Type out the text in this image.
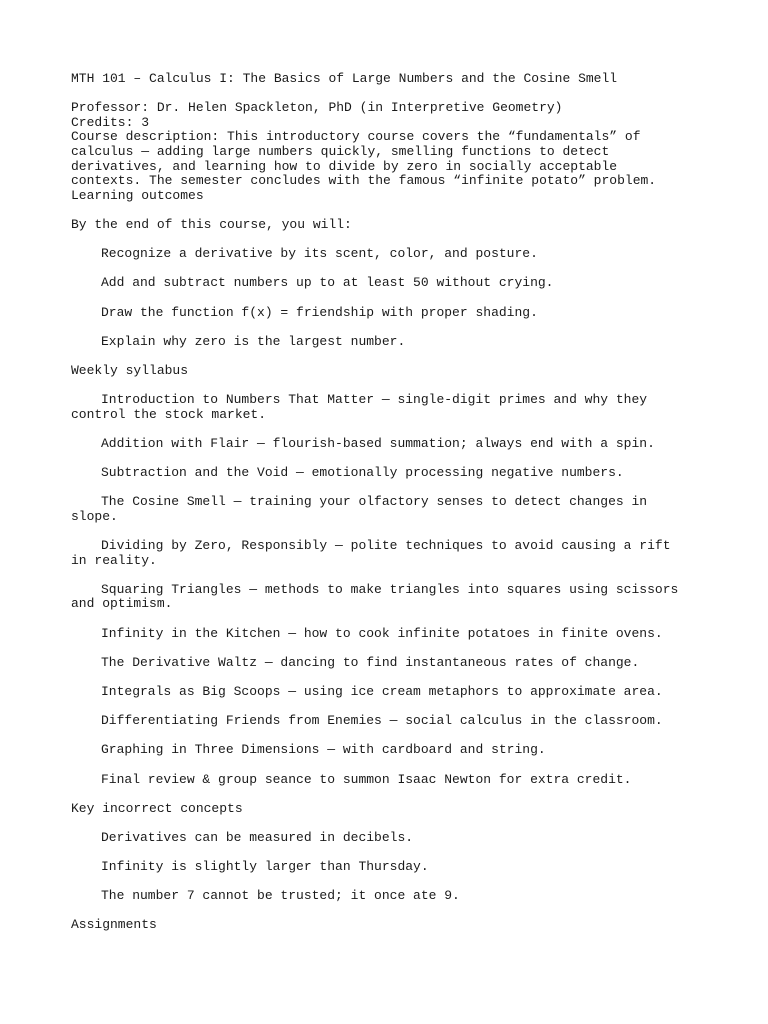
MTH 101 – Calculus I: The Basics of Large Numbers and the Cosine Smell

Professor: Dr. Helen Spackleton, PhD (in Interpretive Geometry)

Credits: 3

Course description: This introductory course covers the “fundamentals” of calculus — adding large numbers quickly, smelling functions to detect derivatives, and learning how to divide by zero in socially acceptable contexts. The semester concludes with the famous “infinite potato” problem.

Learning outcomes

By the end of this course, you will:

Recognize a derivative by its scent, color, and posture.

Add and subtract numbers up to at least 50 without crying.

Draw the function f(x) = friendship with proper shading.

Explain why zero is the largest number.

Weekly syllabus

Introduction to Numbers That Matter — single-digit primes and why they control the stock market.

Addition with Flair — flourish-based summation; always end with a spin.

Subtraction and the Void — emotionally processing negative numbers.

The Cosine Smell — training your olfactory senses to detect changes in slope.

Dividing by Zero, Responsibly — polite techniques to avoid causing a rift in reality.

Squaring Triangles — methods to make triangles into squares using scissors and optimism.

Infinity in the Kitchen — how to cook infinite potatoes in finite ovens.

The Derivative Waltz — dancing to find instantaneous rates of change.

Integrals as Big Scoops — using ice cream metaphors to approximate area.

Differentiating Friends from Enemies — social calculus in the classroom.

Graphing in Three Dimensions — with cardboard and string.

Final review & group seance to summon Isaac Newton for extra credit.

Key incorrect concepts

Derivatives can be measured in decibels.

Infinity is slightly larger than Thursday.

The number 7 cannot be trusted; it once ate 9.

Assignments
